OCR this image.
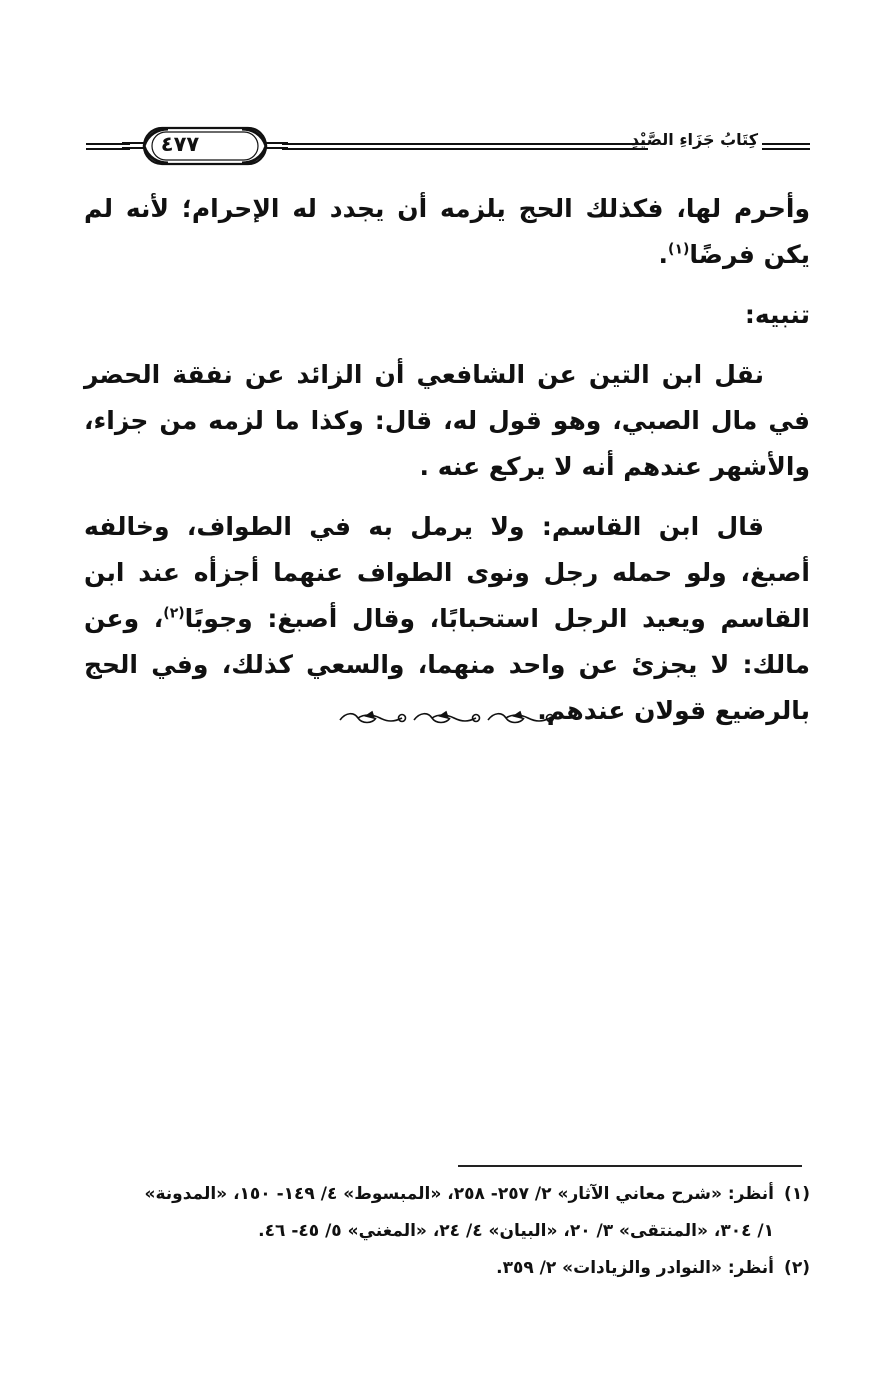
٤٧٧	كِتَابُ جَزَاءِ الصَّيْدِ

وأحرم لها، فكذلك الحج يلزمه أن يجدد له الإحرام؛ لأنه لم يكن فرضًا$^{(١)}$.

تنبيه:

نقل ابن التين عن الشافعي أن الزائد عن نفقة الحضر في مال الصبي، وهو قول له، قال: وكذا ما لزمه من جزاء، والأشهر عندهم أنه لا يركع عنه .

قال ابن القاسم: ولا يرمل به في الطواف، وخالفه أصبغ، ولو حمله رجل ونوى الطواف عنهما أجزأه عند ابن القاسم ويعيد الرجل استحبابًا، وقال أصبغ: وجوبًا$^{(٢)}$، وعن مالك: لا يجزئ عن واحد منهما، والسعي كذلك، وفي الحج بالرضيع قولان عندهم.

(١)أنظر: «شرح معاني الآثار» ٢/ ٢٥٧- ٢٥٨، «المبسوط» ٤/ ١٤٩- ١٥٠، «المدونة»
١/ ٣٠٤، «المنتقى» ٣/ ٢٠، «البيان» ٤/ ٢٤، «المغني» ٥/ ٤٥- ٤٦.

(٢)أنظر: «النوادر والزيادات» ٢/ ٣٥٩.
